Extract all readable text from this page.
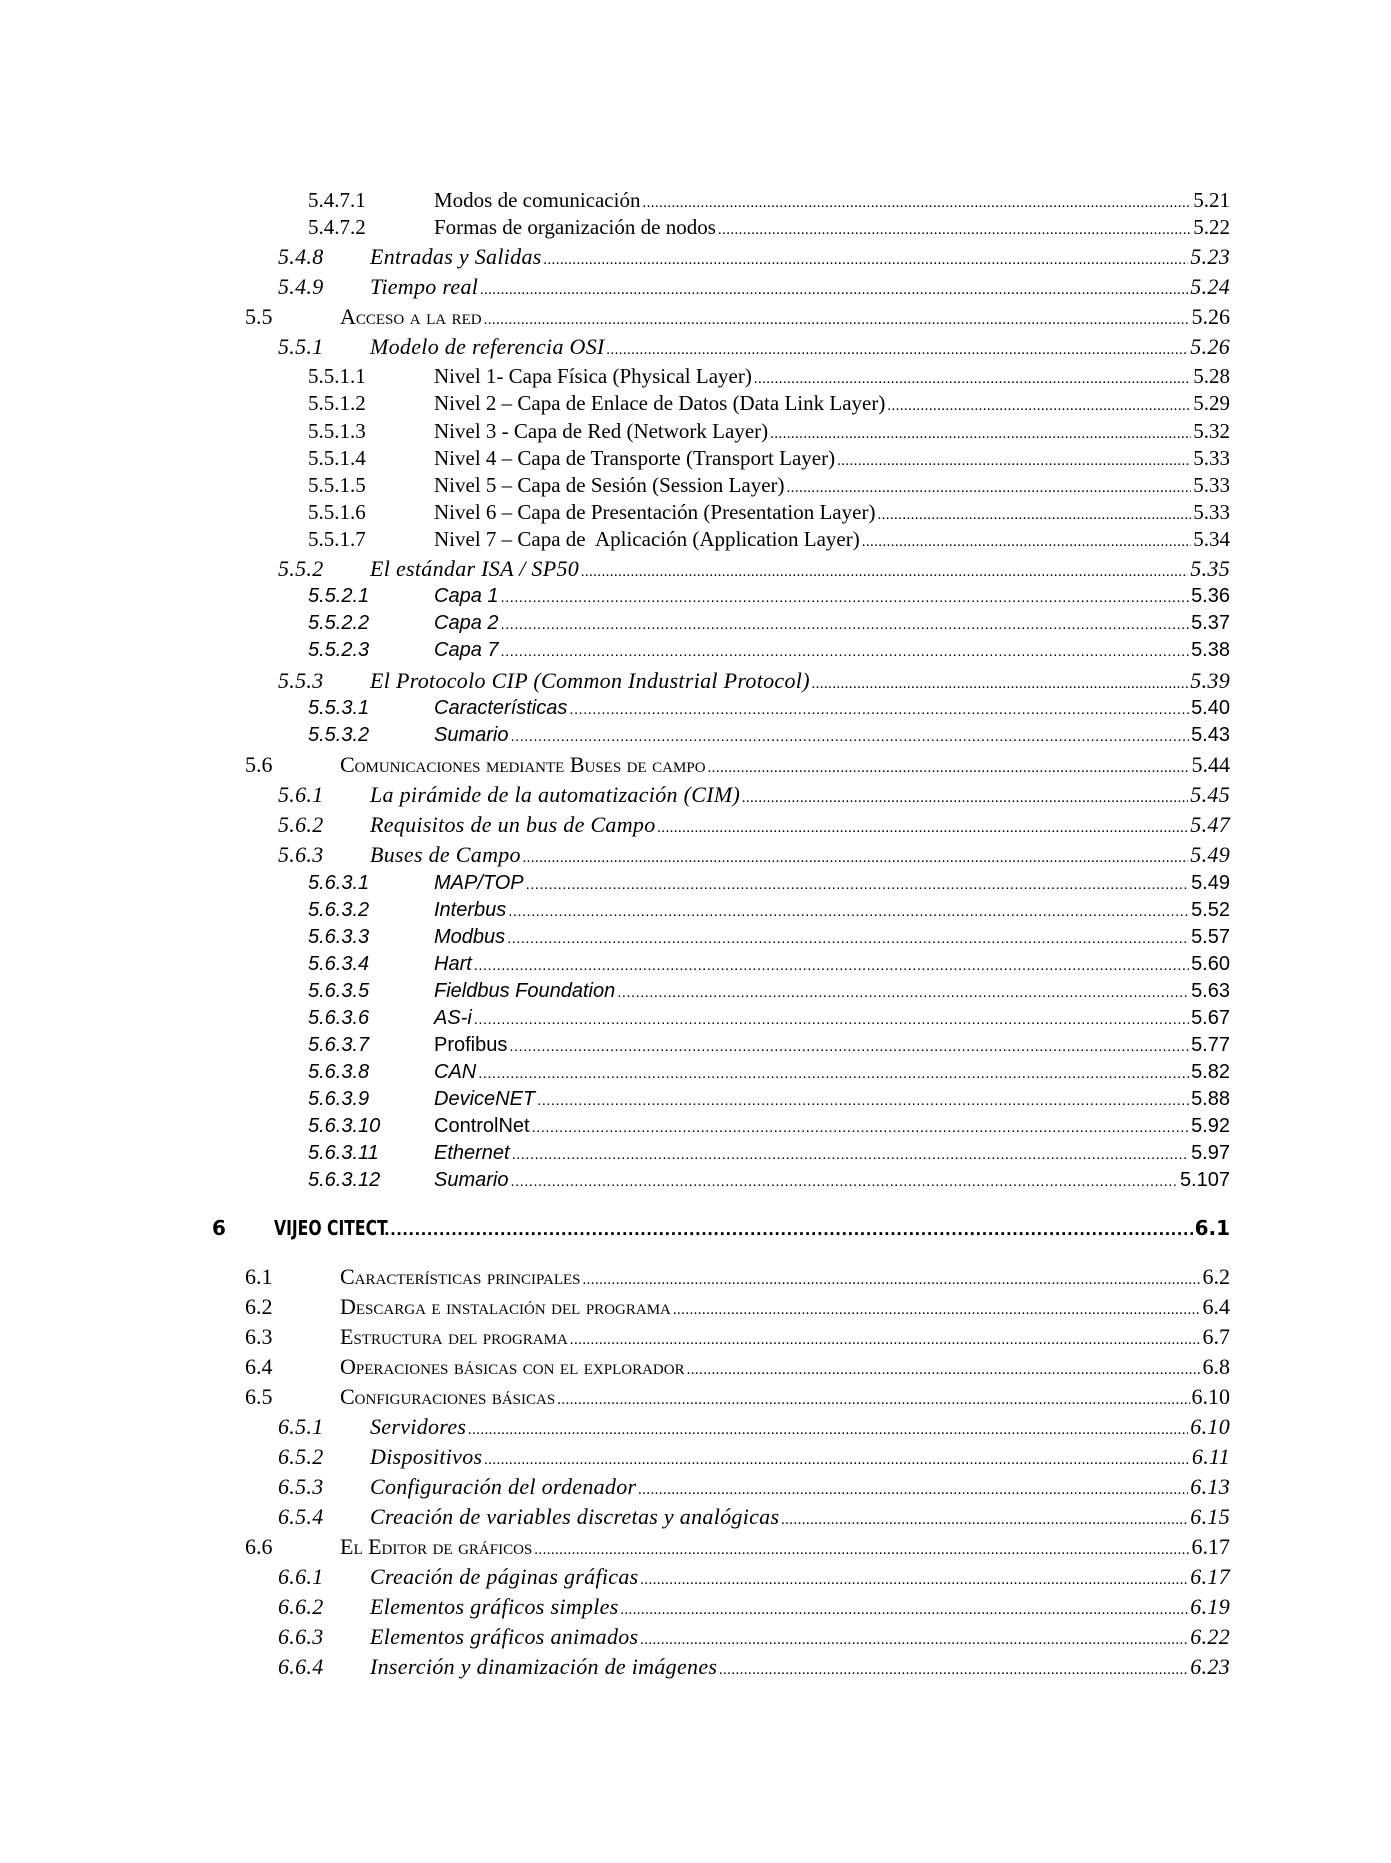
5.4.7.1	Modos de comunicación .....	5.21
5.4.7.2	Formas de organización de nodos .....	5.22
5.4.8	Entradas y Salidas .....	5.23
5.4.9	Tiempo real .....	5.24
5.5	Acceso a la red .....	5.26
5.5.1	Modelo de referencia OSI .....	5.26
5.5.1.1	Nivel 1- Capa Física (Physical Layer) .....	5.28
5.5.1.2	Nivel 2 – Capa de Enlace de Datos (Data Link Layer) .....	5.29
5.5.1.3	Nivel 3 - Capa de Red (Network Layer) .....	5.32
5.5.1.4	Nivel 4 – Capa de Transporte (Transport Layer) .....	5.33
5.5.1.5	Nivel 5 – Capa de Sesión (Session Layer) .....	5.33
5.5.1.6	Nivel 6 – Capa de Presentación (Presentation Layer) .....	5.33
5.5.1.7	Nivel 7 – Capa de  Aplicación (Application Layer) .....	5.34
5.5.2	El estándar ISA / SP50 .....	5.35
5.5.2.1	Capa 1 .....	5.36
5.5.2.2	Capa 2 .....	5.37
5.5.2.3	Capa 7 .....	5.38
5.5.3	El Protocolo CIP (Common Industrial Protocol) .....	5.39
5.5.3.1	Características .....	5.40
5.5.3.2	Sumario .....	5.43
5.6	Comunicaciones mediante Buses de campo .....	5.44
5.6.1	La pirámide de la automatización (CIM) .....	5.45
5.6.2	Requisitos de un bus de Campo .....	5.47
5.6.3	Buses de Campo .....	5.49
5.6.3.1	MAP/TOP .....	5.49
5.6.3.2	Interbus .....	5.52
5.6.3.3	Modbus .....	5.57
5.6.3.4	Hart .....	5.60
5.6.3.5	Fieldbus Foundation .....	5.63
5.6.3.6	AS-i .....	5.67
5.6.3.7	Profibus .....	5.77
5.6.3.8	CAN .....	5.82
5.6.3.9	DeviceNET .....	5.88
5.6.3.10	ControlNet .....	5.92
5.6.3.11	Ethernet .....	5.97
5.6.3.12	Sumario .....	5.107
6	VIJEO CITECT .....	6.1
6.1	Características principales .....	6.2
6.2	Descarga e instalación del programa .....	6.4
6.3	Estructura del programa .....	6.7
6.4	Operaciones básicas con el explorador .....	6.8
6.5	Configuraciones básicas .....	6.10
6.5.1	Servidores .....	6.10
6.5.2	Dispositivos .....	6.11
6.5.3	Configuración del ordenador .....	6.13
6.5.4	Creación de variables discretas y analógicas .....	6.15
6.6	El Editor de gráficos .....	6.17
6.6.1	Creación de páginas gráficas .....	6.17
6.6.2	Elementos gráficos simples .....	6.19
6.6.3	Elementos gráficos animados .....	6.22
6.6.4	Inserción y dinamización de imágenes .....	6.23
